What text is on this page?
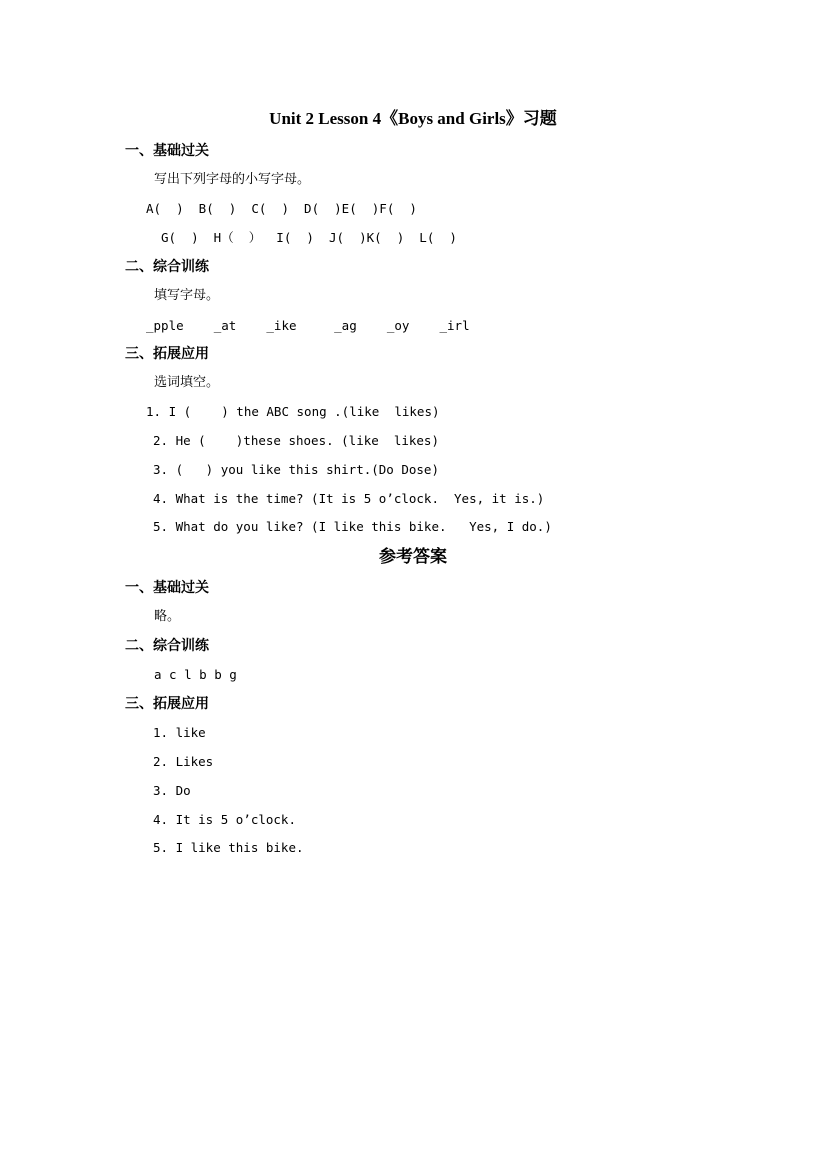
Unit 2 Lesson 4《Boys and Girls》习题
一、基础过关
写出下列字母的小写字母。
A(  )  B(  )  C(  )  D(  )E(  )F(  )
G(  )  H（  ）  I(  )  J(  )K(  )  L(  )
二、综合训练
填写字母。
_pple    _at    _ike     _ag    _oy    _irl
三、拓展应用
选词填空。
1. I (    ) the ABC song .(like  likes)
2. He (    )these shoes. (like  likes)
3. (   ) you like this shirt.(Do Dose)
4. What is the time? (It is 5 o’clock.  Yes, it is.)
5. What do you like? (I like this bike.   Yes, I do.)
参考答案
一、基础过关
略。
二、综合训练
a c l b b g
三、拓展应用
1. like
2. Likes
3. Do
4. It is 5 o’clock.
5. I like this bike.
